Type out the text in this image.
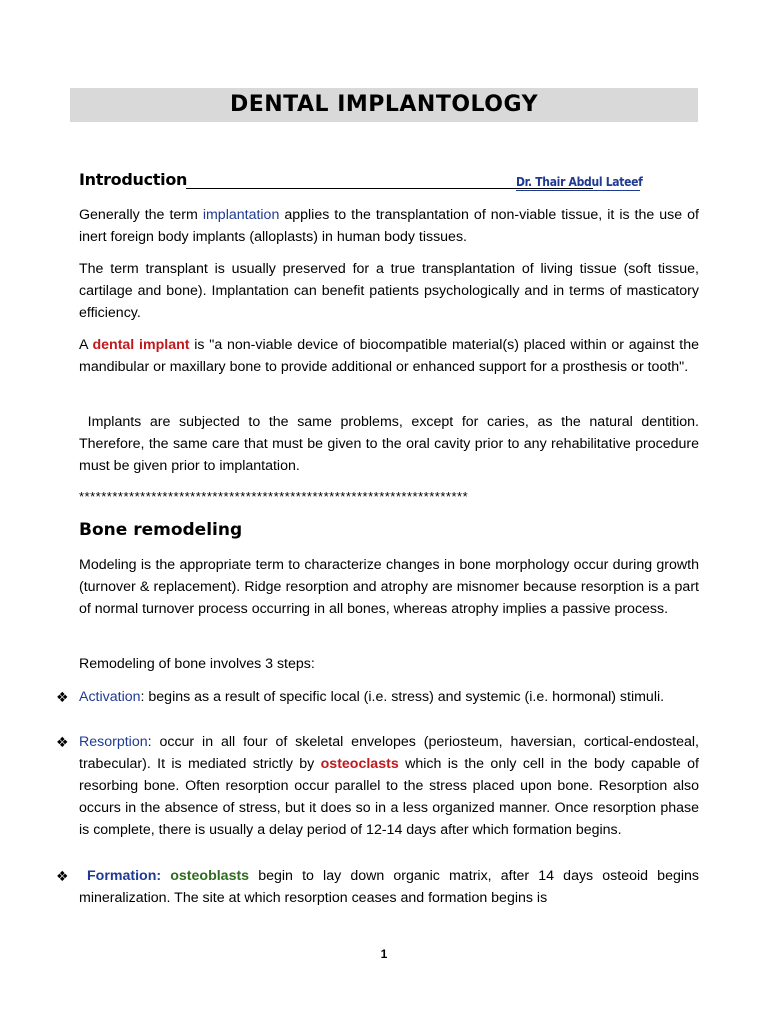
DENTAL IMPLANTOLOGY
Introduction	Dr. Thair Abdul Lateef
Generally the term implantation applies to the transplantation of non-viable tissue, it is the use of inert foreign body implants (alloplasts) in human body tissues.
The term transplant is usually preserved for a true transplantation of living tissue (soft tissue, cartilage and bone). Implantation can benefit patients psychologically and in terms of masticatory efficiency.
A dental implant is "a non-viable device of biocompatible material(s) placed within or against the mandibular or maxillary bone to provide additional or enhanced support for a prosthesis or tooth".
Implants are subjected to the same problems, except for caries, as the natural dentition. Therefore, the same care that must be given to the oral cavity prior to any rehabilitative procedure must be given prior to implantation.
**********************************************************************
Bone remodeling
Modeling is the appropriate term to characterize changes in bone morphology occur during growth (turnover & replacement). Ridge resorption and atrophy are misnomer because resorption is a part of normal turnover process occurring in all bones, whereas atrophy implies a passive process.
Remodeling of bone involves 3 steps:
❖ Activation: begins as a result of specific local (i.e. stress) and systemic (i.e. hormonal) stimuli.
❖ Resorption: occur in all four of skeletal envelopes (periosteum, haversian, cortical-endosteal, trabecular). It is mediated strictly by osteoclasts which is the only cell in the body capable of resorbing bone. Often resorption occur parallel to the stress placed upon bone. Resorption also occurs in the absence of stress, but it does so in a less organized manner. Once resorption phase is complete, there is usually a delay period of 12-14 days after which formation begins.
❖	Formation: osteoblasts begin to lay down organic matrix, after 14 days osteoid begins mineralization. The site at which resorption ceases and formation begins is
1
